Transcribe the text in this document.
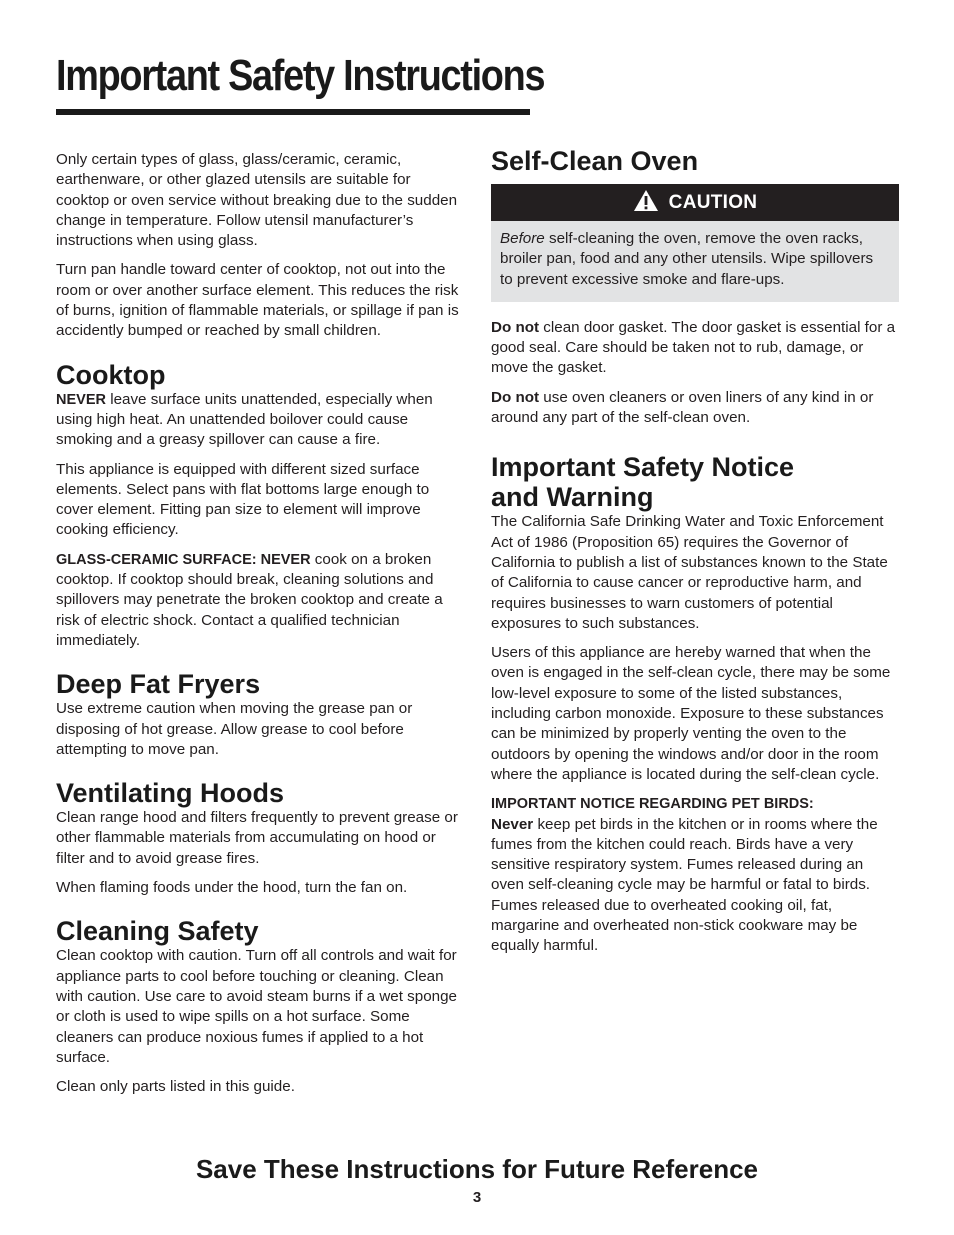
Important Safety Instructions

Only certain types of glass, glass/ceramic, ceramic, earthenware, or other glazed utensils are suitable for cooktop or oven service without breaking due to the sudden change in temperature. Follow utensil manufacturer’s instructions when using glass.

Turn pan handle toward center of cooktop, not out into the room or over another surface element. This reduces the risk of burns, ignition of flammable materials, or spillage if pan is accidently bumped or reached by small children.

Cooktop

NEVER leave surface units unattended, especially when using high heat. An unattended boilover could cause smoking and a greasy spillover can cause a fire.

This appliance is equipped with different sized surface elements. Select pans with flat bottoms large enough to cover element. Fitting pan size to element will improve cooking efficiency.

GLASS-CERAMIC SURFACE: NEVER cook on a broken cooktop. If cooktop should break, cleaning solutions and spillovers may penetrate the broken cooktop and create a risk of electric shock. Contact a qualified technician immediately.

Deep Fat Fryers

Use extreme caution when moving the grease pan or disposing of hot grease. Allow grease to cool before attempting to move pan.

Ventilating Hoods

Clean range hood and filters frequently to prevent grease or other flammable materials from accumulating on hood or filter and to avoid grease fires.

When flaming foods under the hood, turn the fan on.

Cleaning Safety

Clean cooktop with caution. Turn off all controls and wait for appliance parts to cool before touching or cleaning. Clean with caution. Use care to avoid steam burns if a wet sponge or cloth is used to wipe spills on a hot surface. Some cleaners can produce noxious fumes if applied to a hot surface.

Clean only parts listed in this guide.

Self-Clean Oven
CAUTION

Before self-cleaning the oven, remove the oven racks, broiler pan, food and any other utensils. Wipe spillovers to prevent excessive smoke and flare-ups.

Do not clean door gasket. The door gasket is essential for a good seal. Care should be taken not to rub, damage, or move the gasket.

Do not use oven cleaners or oven liners of any kind in or around any part of the self-clean oven.

Important Safety Notice
and Warning

The California Safe Drinking Water and Toxic Enforcement Act of 1986 (Proposition 65) requires the Governor of California to publish a list of substances known to the State of California to cause cancer or reproductive harm, and requires businesses to warn customers of potential exposures to such substances.

Users of this appliance are hereby warned that when the oven is engaged in the self-clean cycle, there may be some low-level exposure to some of the listed substances, including carbon monoxide. Exposure to these substances can be minimized by properly venting the oven to the outdoors by opening the windows and/or door in the room where the appliance is located during the self-clean cycle.

IMPORTANT NOTICE REGARDING PET BIRDS:

Never keep pet birds in the kitchen or in rooms where the fumes from the kitchen could reach. Birds have a very sensitive respiratory system. Fumes released during an oven self-cleaning cycle may be harmful or fatal to birds. Fumes released due to overheated cooking oil, fat, margarine and overheated non-stick cookware may be equally harmful.

Save These Instructions for Future Reference
3
